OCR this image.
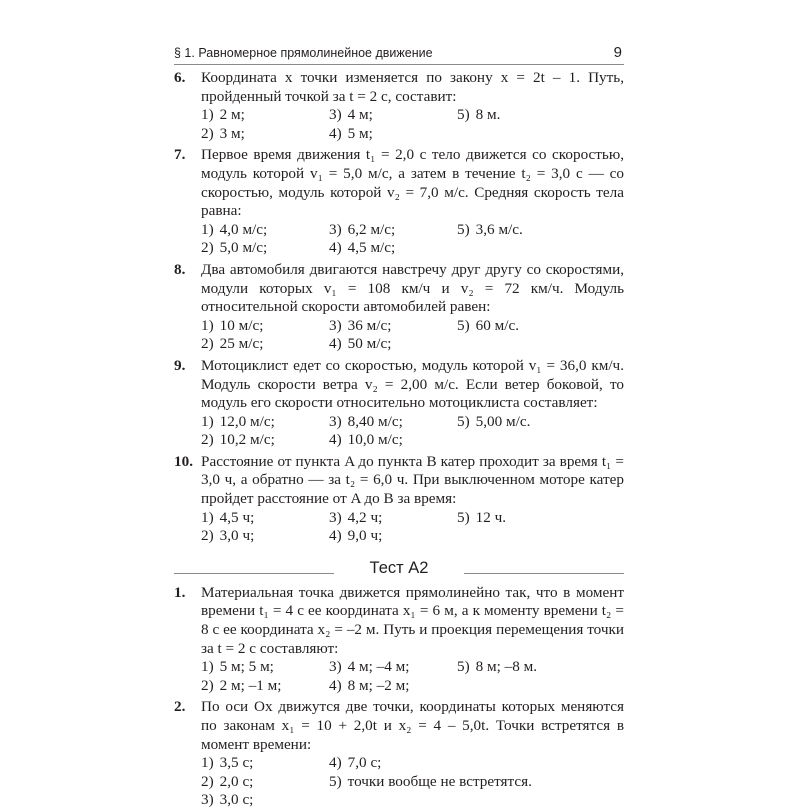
§ 1. Равномерное прямолинейное движение	9
6. Координата x точки изменяется по закону x = 2t – 1. Путь, пройденный точкой за t = 2 с, составит:
1) 2 м;	3) 4 м;	5) 8 м.
2) 3 м;	4) 5 м;
7. Первое время движения t₁ = 2,0 с тело движется со скоростью, модуль которой v₁ = 5,0 м/с, а затем в течение t₂ = 3,0 с — со скоростью, модуль которой v₂ = 7,0 м/с. Средняя скорость тела равна:
1) 4,0 м/с;	3) 6,2 м/с;	5) 3,6 м/с.
2) 5,0 м/с;	4) 4,5 м/с;
8. Два автомобиля двигаются навстречу друг другу со скоростями, модули которых v₁ = 108 км/ч и v₂ = 72 км/ч. Модуль относительной скорости автомобилей равен:
1) 10 м/с;	3) 36 м/с;	5) 60 м/с.
2) 25 м/с;	4) 50 м/с;
9. Мотоциклист едет со скоростью, модуль которой v₁ = 36,0 км/ч. Модуль скорости ветра v₂ = 2,00 м/с. Если ветер боковой, то модуль его скорости относительно мотоциклиста составляет:
1) 12,0 м/с;	3) 8,40 м/с;	5) 5,00 м/с.
2) 10,2 м/с;	4) 10,0 м/с;
10. Расстояние от пункта A до пункта B катер проходит за время t₁ = 3,0 ч, а обратно — за t₂ = 6,0 ч. При выключенном моторе катер пройдет расстояние от A до B за время:
1) 4,5 ч;	3) 4,2 ч;	5) 12 ч.
2) 3,0 ч;	4) 9,0 ч;
Тест А2
1. Материальная точка движется прямолинейно так, что в момент времени t₁ = 4 с ее координата x₁ = 6 м, а к моменту времени t₂ = 8 с ее координата x₂ = –2 м. Путь и проекция перемещения точки за t = 2 с составляют:
1) 5 м; 5 м;	3) 4 м; –4 м;	5) 8 м; –8 м.
2) 2 м; –1 м;	4) 8 м; –2 м;
2. По оси Ox движутся две точки, координаты которых меняются по законам x₁ = 10 + 2,0t и x₂ = 4 – 5,0t. Точки встретятся в момент времени:
1) 3,5 с;	4) 7,0 с;
2) 2,0 с;	5) точки вообще не встретятся.
3) 3,0 с;
